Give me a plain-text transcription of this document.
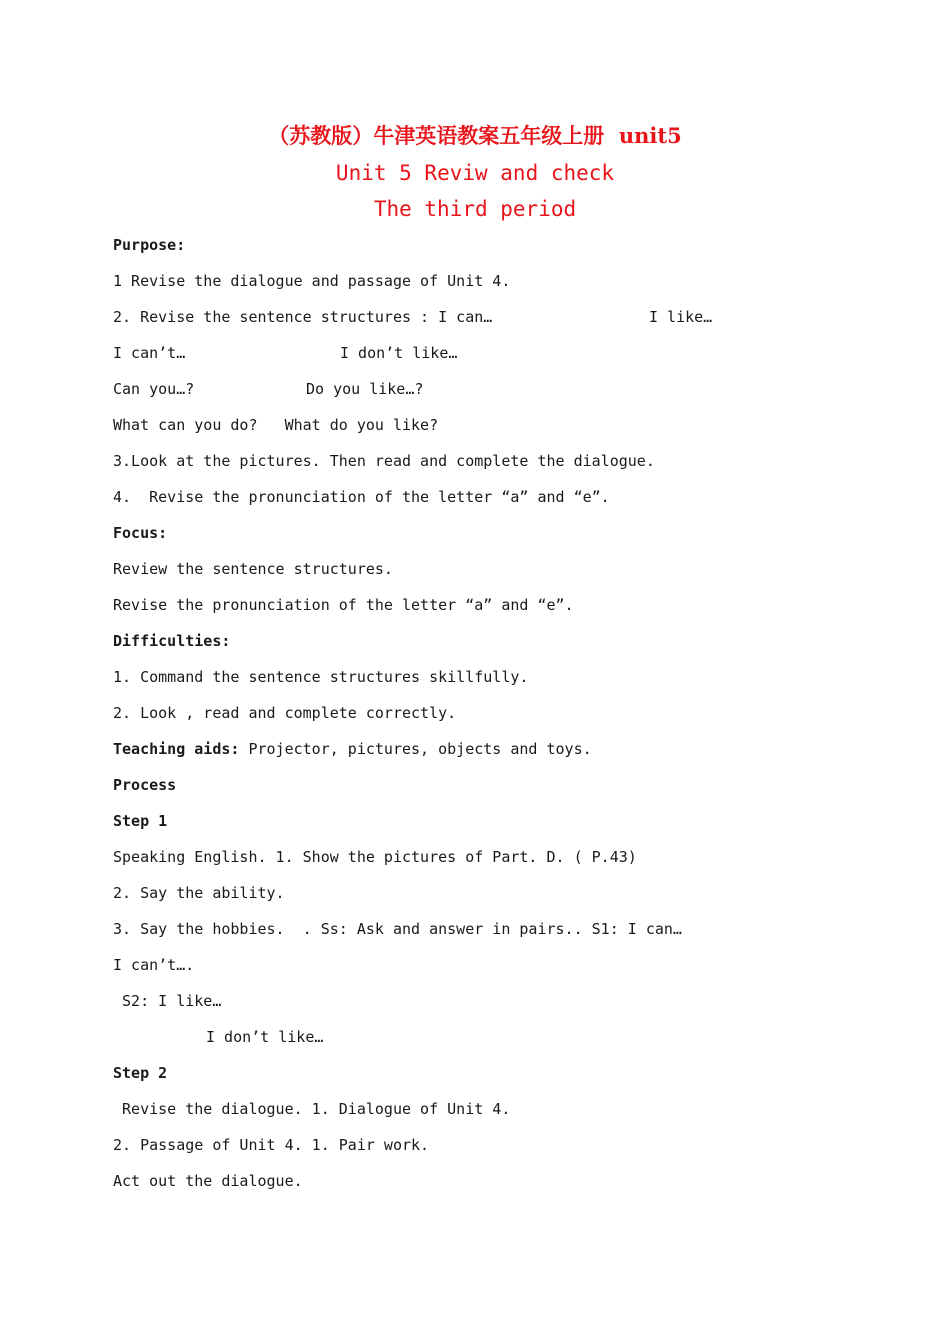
（苏教版）牛津英语教案五年级上册  unit5
Unit 5 Reviw and check
The third period
Purpose:
1 Revise the dialogue and passage of Unit 4.
2. Revise the sentence structures : I can…	I like…
I can’t…	I don’t like…
Can you…?	Do you like…?
What can you do?   What do you like?
3.Look at the pictures. Then read and complete the dialogue.
4.  Revise the pronunciation of the letter “a” and “e”.
Focus:
Review the sentence structures.
Revise the pronunciation of the letter “a” and “e”.
Difficulties:
1. Command the sentence structures skillfully.
2. Look , read and complete correctly.
Teaching aids: Projector, pictures, objects and toys.
Process
Step 1
Speaking English. 1. Show the pictures of Part. D. ( P.43)
2. Say the ability.
3. Say the hobbies.  . Ss: Ask and answer in pairs.. S1: I can…
I can’t….
S2: I like…
I don’t like…
Step 2
Revise the dialogue. 1. Dialogue of Unit 4.
2. Passage of Unit 4. 1. Pair work.
Act out the dialogue.
